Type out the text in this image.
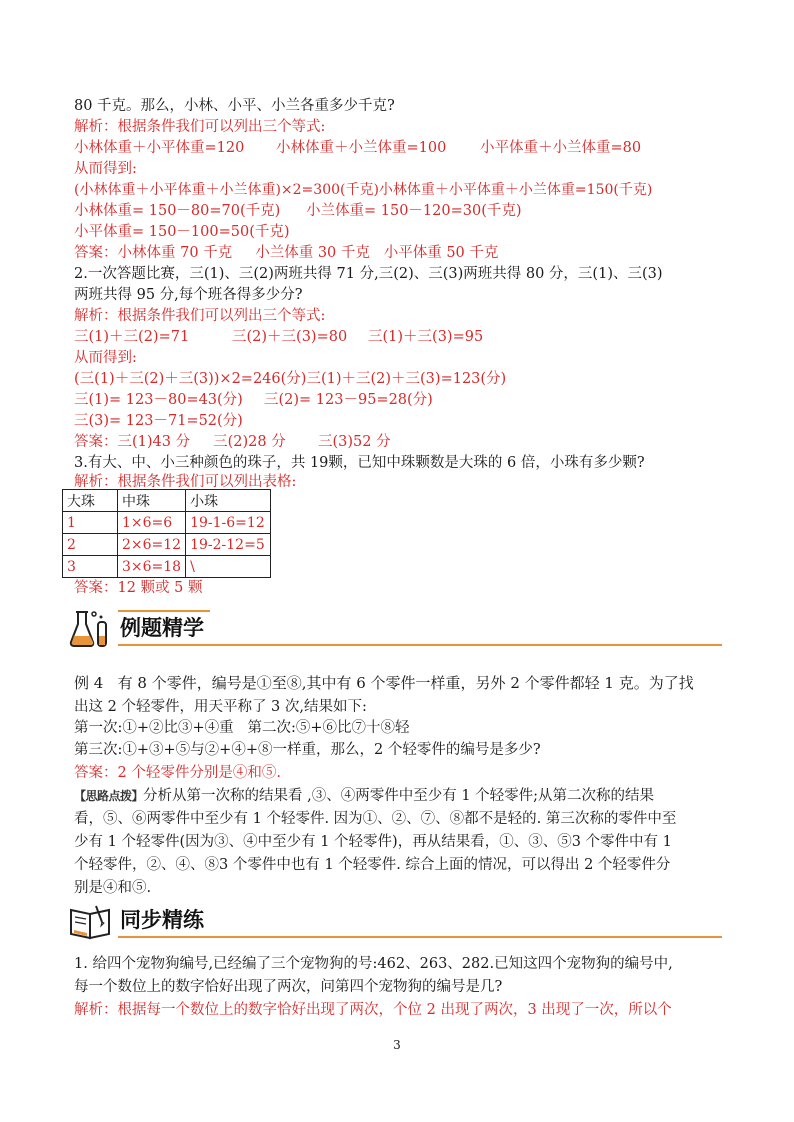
80 千克。那么，小林、小平、小兰各重多少千克?
解析：根据条件我们可以列出三个等式:
小林体重＋小平体重=120 小林体重＋小兰体重=100 小平体重＋小兰体重=80
从而得到:
(小林体重＋小平体重＋小兰体重)×2=300(千克)小林体重＋小平体重＋小兰体重=150(千克)
小林体重= 150－80=70(千克) 小兰体重= 150－120=30(千克)
小平体重= 150－100=50(千克)
答案：小林体重 70 千克     小兰体重 30 千克   小平体重 50 千克
2.一次答题比赛，三(1)、三(2)两班共得 71 分,三(2)、三(3)两班共得 80 分，三(1)、三(3)
两班共得 95 分,每个班各得多少分?
解析：根据条件我们可以列出三个等式:
三(1)＋三(2)=71	三(2)＋三(3)=80 三(1)＋三(3)=95
从而得到:
(三(1)＋三(2)＋三(3))×2=246(分)三(1)＋三(2)＋三(3)=123(分)
三(1)= 123－80=43(分) 三(2)= 123－95=28(分)
三(3)= 123－71=52(分)
答案：三(1)43 分     三(2)28 分       三(3)52 分
3.有大、中、小三种颜色的珠子，共 19颗，已知中珠颗数是大珠的 6 倍，小珠有多少颗?
解析：根据条件我们可以列出表格:
大珠	中珠	小珠
1	1×6=6	19-1-6=12
2	2×6=12	19-2-12=5
3	3×6=18	\
答案：12 颗或 5 颗
例题精学
例 4   有 8 个零件，编号是①至⑧,其中有 6 个零件一样重，另外 2 个零件都轻 1 克。为了找
出这 2 个轻零件，用天平称了 3 次,结果如下:
第一次:①+②比③+④重   第二次:⑤+⑥比⑦十⑧轻
第三次:①+③+⑤与②+④+⑧一样重，那么，2 个轻零件的编号是多少?
答案：2 个轻零件分别是④和⑤.
【思路点拨】分析从第一次称的结果看 ,③、④两零件中至少有 1 个轻零件;从第二次称的结果
看，⑤、⑥两零件中至少有 1 个轻零件. 因为①、②、⑦、⑧都不是轻的. 第三次称的零件中至
少有 1 个轻零件(因为③、④中至少有 1 个轻零件)，再从结果看，①、③、⑤3 个零件中有 1
个轻零件，②、④、⑧3 个零件中也有 1 个轻零件. 综合上面的情况，可以得出 2 个轻零件分
别是④和⑤.
同步精练
1. 给四个宠物狗编号,已经编了三个宠物狗的号:462、263、282.已知这四个宠物狗的编号中,
每一个数位上的数字恰好出现了两次，问第四个宠物狗的编号是几?
解析：根据每一个数位上的数字恰好出现了两次，个位 2 出现了两次，3 出现了一次，所以个
3
